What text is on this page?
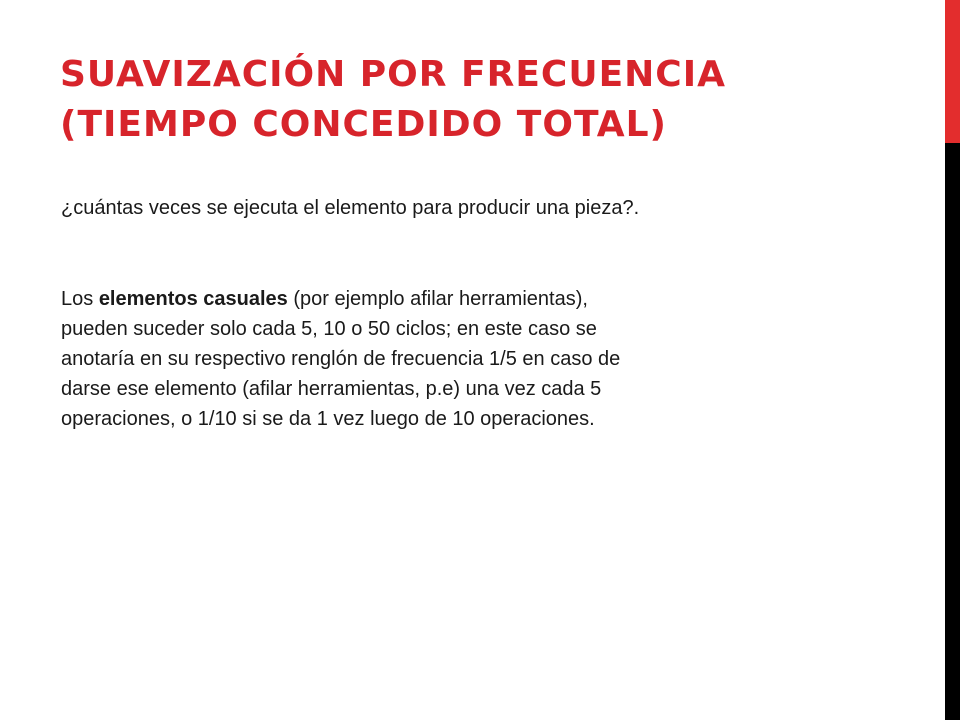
SUAVIZACIÓN POR FRECUENCIA
(TIEMPO CONCEDIDO TOTAL)

¿cuántas veces se ejecuta el elemento para producir una pieza?.

Los elementos casuales (por ejemplo afilar herramientas),
pueden suceder solo cada 5, 10 o 50 ciclos; en este caso se
anotaría en su respectivo renglón de frecuencia 1/5 en caso de
darse ese elemento (afilar herramientas, p.e) una vez cada 5
operaciones, o 1/10 si se da 1 vez luego de 10 operaciones.
